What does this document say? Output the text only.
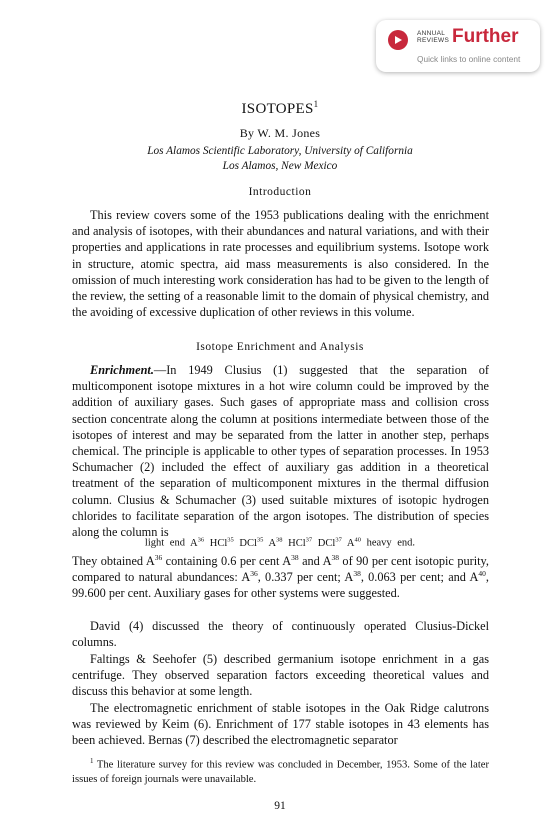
ANNUAL
REVIEWS Further
Quick links to online content
ISOTOPES$^1$
By W. M. Jones
Los Alamos Scientific Laboratory, University of California
Los Alamos, New Mexico
Introduction

This review covers some of the 1953 publications dealing with the enrichment and analysis of isotopes, with their abundances and natural variations, and with their properties and applications in rate processes and equilibrium systems. Isotope work in structure, atomic spectra, aid mass measurements is also considered. In the omission of much interesting work consideration has had to be given to the length of the review, the setting of a reasonable limit to the domain of physical chemistry, and the avoiding of excessive duplication of other reviews in this volume.

Isotope Enrichment and Analysis

Enrichment.—In 1949 Clusius (1) suggested that the separation of multicomponent isotope mixtures in a hot wire column could be improved by the addition of auxiliary gases. Such gases of appropriate mass and collision cross section concentrate along the column at positions intermediate between those of the isotopes of interest and may be separated from the latter in another step, perhaps chemical. The principle is applicable to other types of separation processes. In 1953 Schumacher (2) included the effect of auxiliary gas addition in a theoretical treatment of the separation of multicomponent mixtures in the thermal diffusion column. Clusius & Schumacher (3) used suitable mixtures of isotopic hydrogen chlorides to facilitate separation of the argon isotopes. The distribution of species along the column is

light end $A^{36}$ HCl$^{35}$ DCl$^{35}$ $A^{38}$ HCl$^{37}$ DCl$^{37}$ $A^{40}$ heavy end.

They obtained $A^{36}$ containing 0.6 per cent $A^{38}$ and $A^{38}$ of 90 per cent isotopic purity, compared to natural abundances: $A^{36}$, 0.337 per cent; $A^{38}$, 0.063 per cent; and $A^{40}$, 99.600 per cent. Auxiliary gases for other systems were suggested.

David (4) discussed the theory of continuously operated Clusius-Dickel columns.

Faltings & Seehofer (5) described germanium isotope enrichment in a gas centrifuge. They observed separation factors exceeding theoretical values and discuss this behavior at some length.

The electromagnetic enrichment of stable isotopes in the Oak Ridge calutrons was reviewed by Keim (6). Enrichment of 177 stable isotopes in 43 elements has been achieved. Bernas (7) described the electromagnetic separator

$^1$ The literature survey for this review was concluded in December, 1953. Some of the later issues of foreign journals were unavailable.

91
